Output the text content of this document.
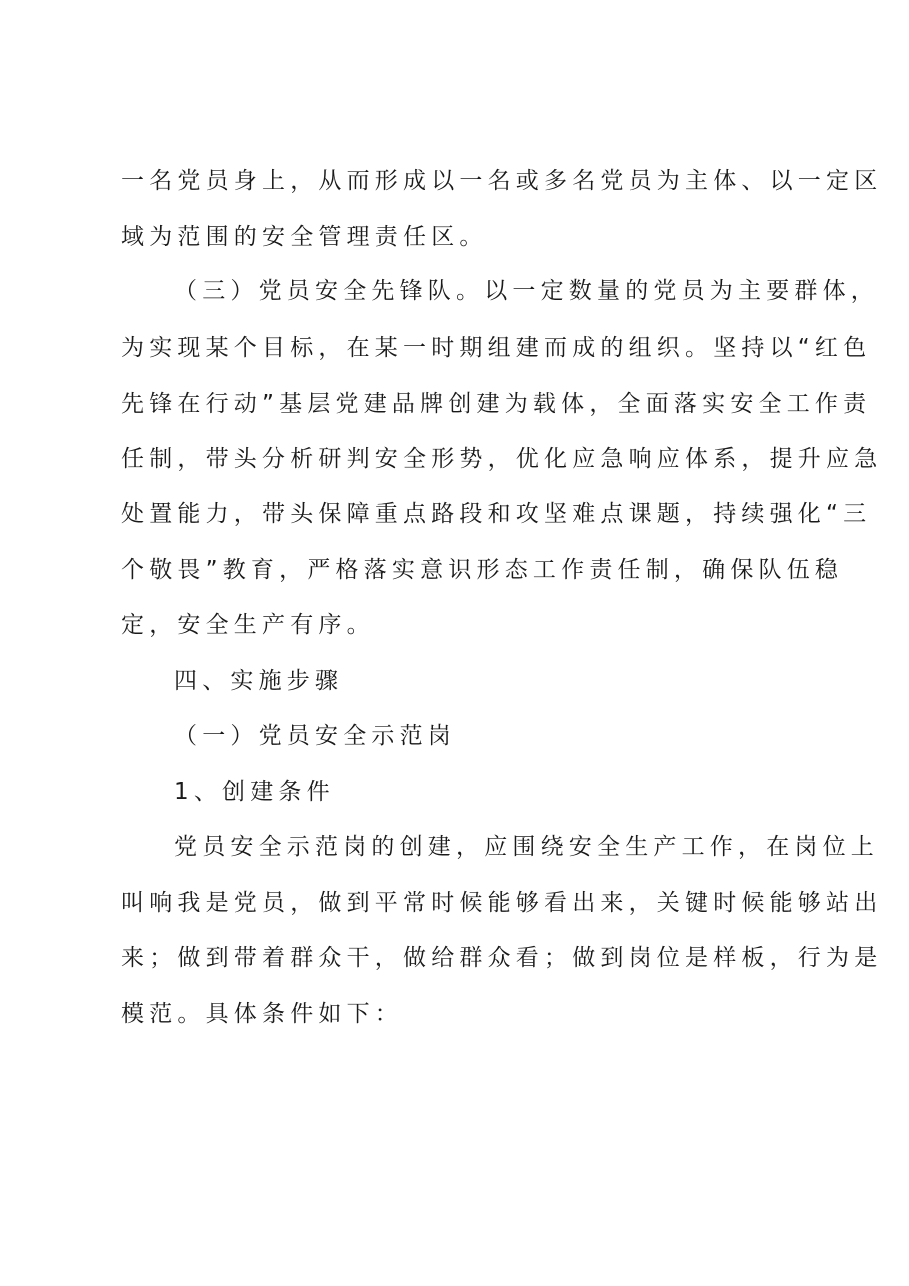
一名党员身上，从而形成以一名或多名党员为主体、以一定区
域为范围的安全管理责任区。
（三）党员安全先锋队。以一定数量的党员为主要群体，
为实现某个目标，在某一时期组建而成的组织。坚持以“红色
先锋在行动”基层党建品牌创建为载体，全面落实安全工作责
任制，带头分析研判安全形势，优化应急响应体系，提升应急
处置能力，带头保障重点路段和攻坚难点课题，持续强化“三
个敬畏”教育，严格落实意识形态工作责任制，确保队伍稳
定，安全生产有序。
四、实施步骤
（一）党员安全示范岗
1、创建条件
党员安全示范岗的创建，应围绕安全生产工作，在岗位上
叫响我是党员，做到平常时候能够看出来，关键时候能够站出
来；做到带着群众干，做给群众看；做到岗位是样板，行为是
模范。具体条件如下：
